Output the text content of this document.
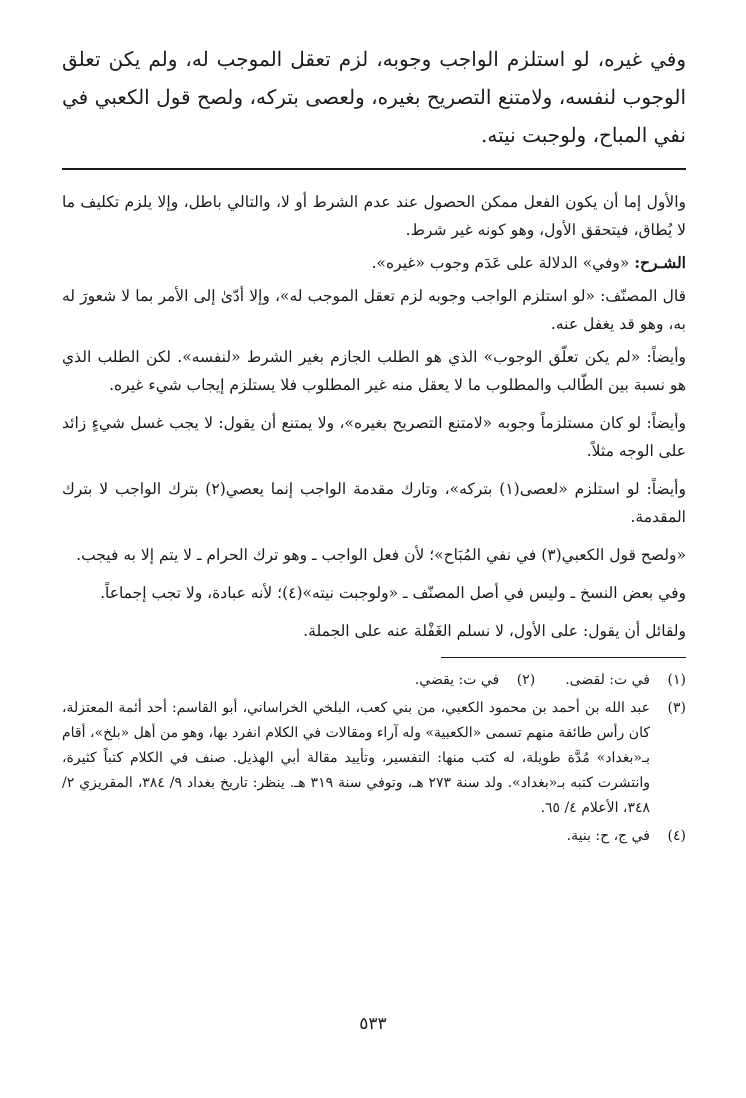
وفي غيره، لو استلزم الواجب وجوبه، لزم تعقل الموجب له، ولم يكن تعلق الوجوب لنفسه، ولامتنع التصريح بغيره، ولعصى بتركه، ولصح قول الكعبي في نفي المباح، ولوجبت نيته.

والأول إما أن يكون الفعل ممكن الحصول عند عدم الشرط أو لا، والتالي باطل، وإلا يلزم تكليف ما لا يُطاق، فيتحقق الأول، وهو كونه غير شرط.

الشـرح: «وفي» الدلالة على عَدَم وجوب «غيره».

قال المصنّف: «لو استلزم الواجب وجوبه لزم تعقل الموجب له»، وإلا أدّىٰ إلى الأمر بما لا شعورَ له به، وهو قد يغفل عنه.

وأيضاً: «لم يكن تعلّق الوجوب» الذي هو الطلب الجازم بغير الشرط «لنفسه». لكن الطلب الذي هو نسبة بين الطّالب والمطلوب ما لا يعقل منه غير المطلوب فلا يستلزم إيجاب شيء غيره.

وأيضاً: لو كان مستلزماً وجوبه «لامتنع التصريح بغيره»، ولا يمتنع أن يقول: لا يجب غسل شيءٍ زائد على الوجه مثلاً.

وأيضاً: لو استلزم «لعصى(١) بتركه»، وتارك مقدمة الواجب إنما يعصي(٢) بترك الواجب لا بترك المقدمة.

«ولصح قول الكعبي(٣) في نفي المُبَاح»؛ لأن فعل الواجب ـ وهو ترك الحرام ـ لا يتم إلا به فيجب.

وفي بعض النسخ ـ وليس في أصل المصنّف ـ «ولوجبت نيته»(٤)؛ لأنه عبادة، ولا تجب إجماعاً.

ولقائل أن يقول: على الأول، لا نسلم الغَفْلة عنه على الجملة.

(١)
في ت: لقضى.
(٢)
في ت: يقضي.
(٣)
عبد الله بن أحمد بن محمود الكعبي، من بني كعب، البلخي الخراساني، أبو القاسم: أحد أئمة المعتزلة، كان رأس طائفة منهم تسمى «الكعبية» وله آراء ومقالات في الكلام انفرد بها، وهو من أهل «بلخ»، أقام بـ«بغداد» مُدَّة طويلة، له كتب منها: التفسير، وتأييد مقالة أبي الهذيل. صنف في الكلام كتباً كثيرة، وانتشرت كتبه بـ«بغداد». ولد سنة ٢٧٣ هـ، وتوفي سنة ٣١٩ هـ. ينظر: تاريخ بغداد ٩/ ٣٨٤، المقريزي ٢/ ٣٤٨، الأعلام ٤/ ٦٥.
(٤)
في ج، ح: بنية.
٥٣٣
